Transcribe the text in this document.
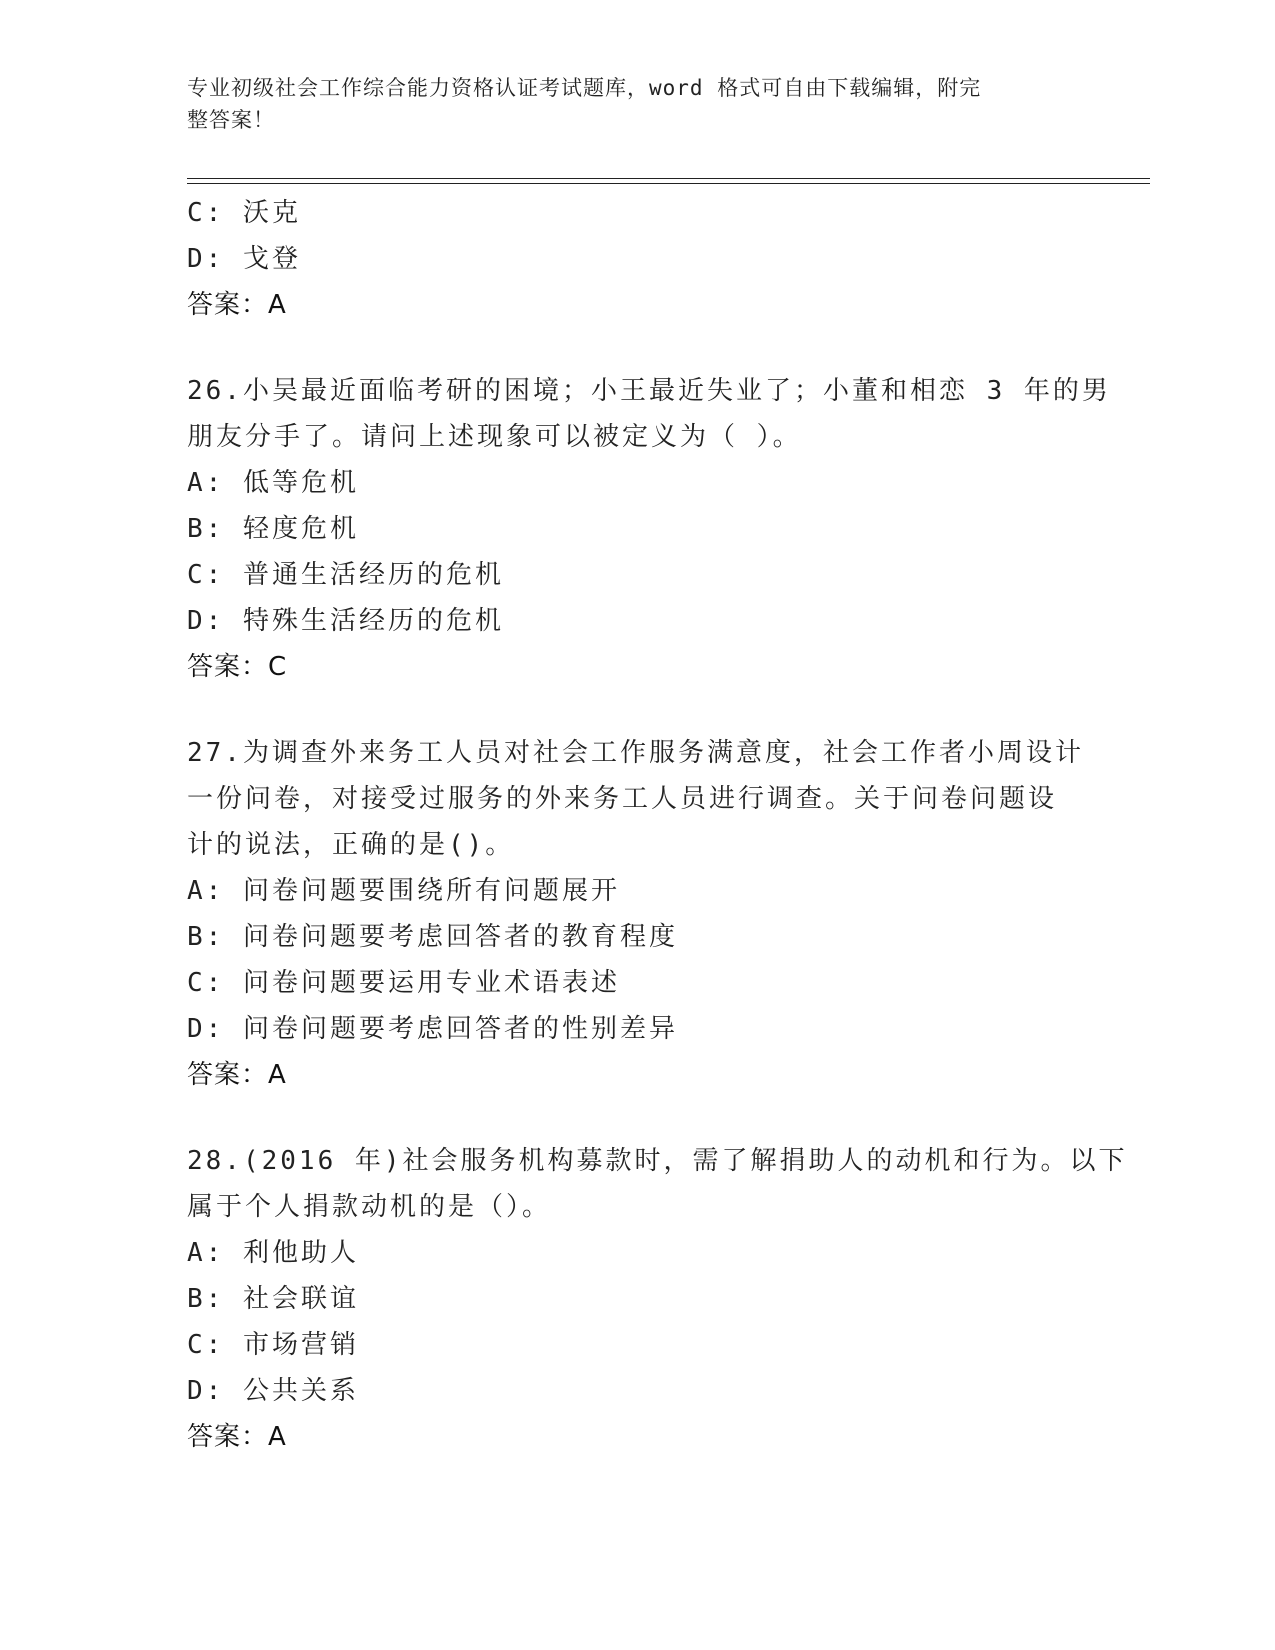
专业初级社会工作综合能力资格认证考试题库，word 格式可自由下载编辑，附完
整答案！
C: 沃克
D: 戈登
答案：A
26.小吴最近面临考研的困境；小王最近失业了；小董和相恋 3 年的男
朋友分手了。请问上述现象可以被定义为（ ）。
A: 低等危机
B: 轻度危机
C: 普通生活经历的危机
D: 特殊生活经历的危机
答案：C
27.为调查外来务工人员对社会工作服务满意度，社会工作者小周设计
一份问卷，对接受过服务的外来务工人员进行调查。关于问卷问题设
计的说法，正确的是()。
A: 问卷问题要围绕所有问题展开
B: 问卷问题要考虑回答者的教育程度
C: 问卷问题要运用专业术语表述
D: 问卷问题要考虑回答者的性别差异
答案：A
28.(2016 年)社会服务机构募款时，需了解捐助人的动机和行为。以下
属于个人捐款动机的是（）。
A: 利他助人
B: 社会联谊
C: 市场营销
D: 公共关系
答案：A
